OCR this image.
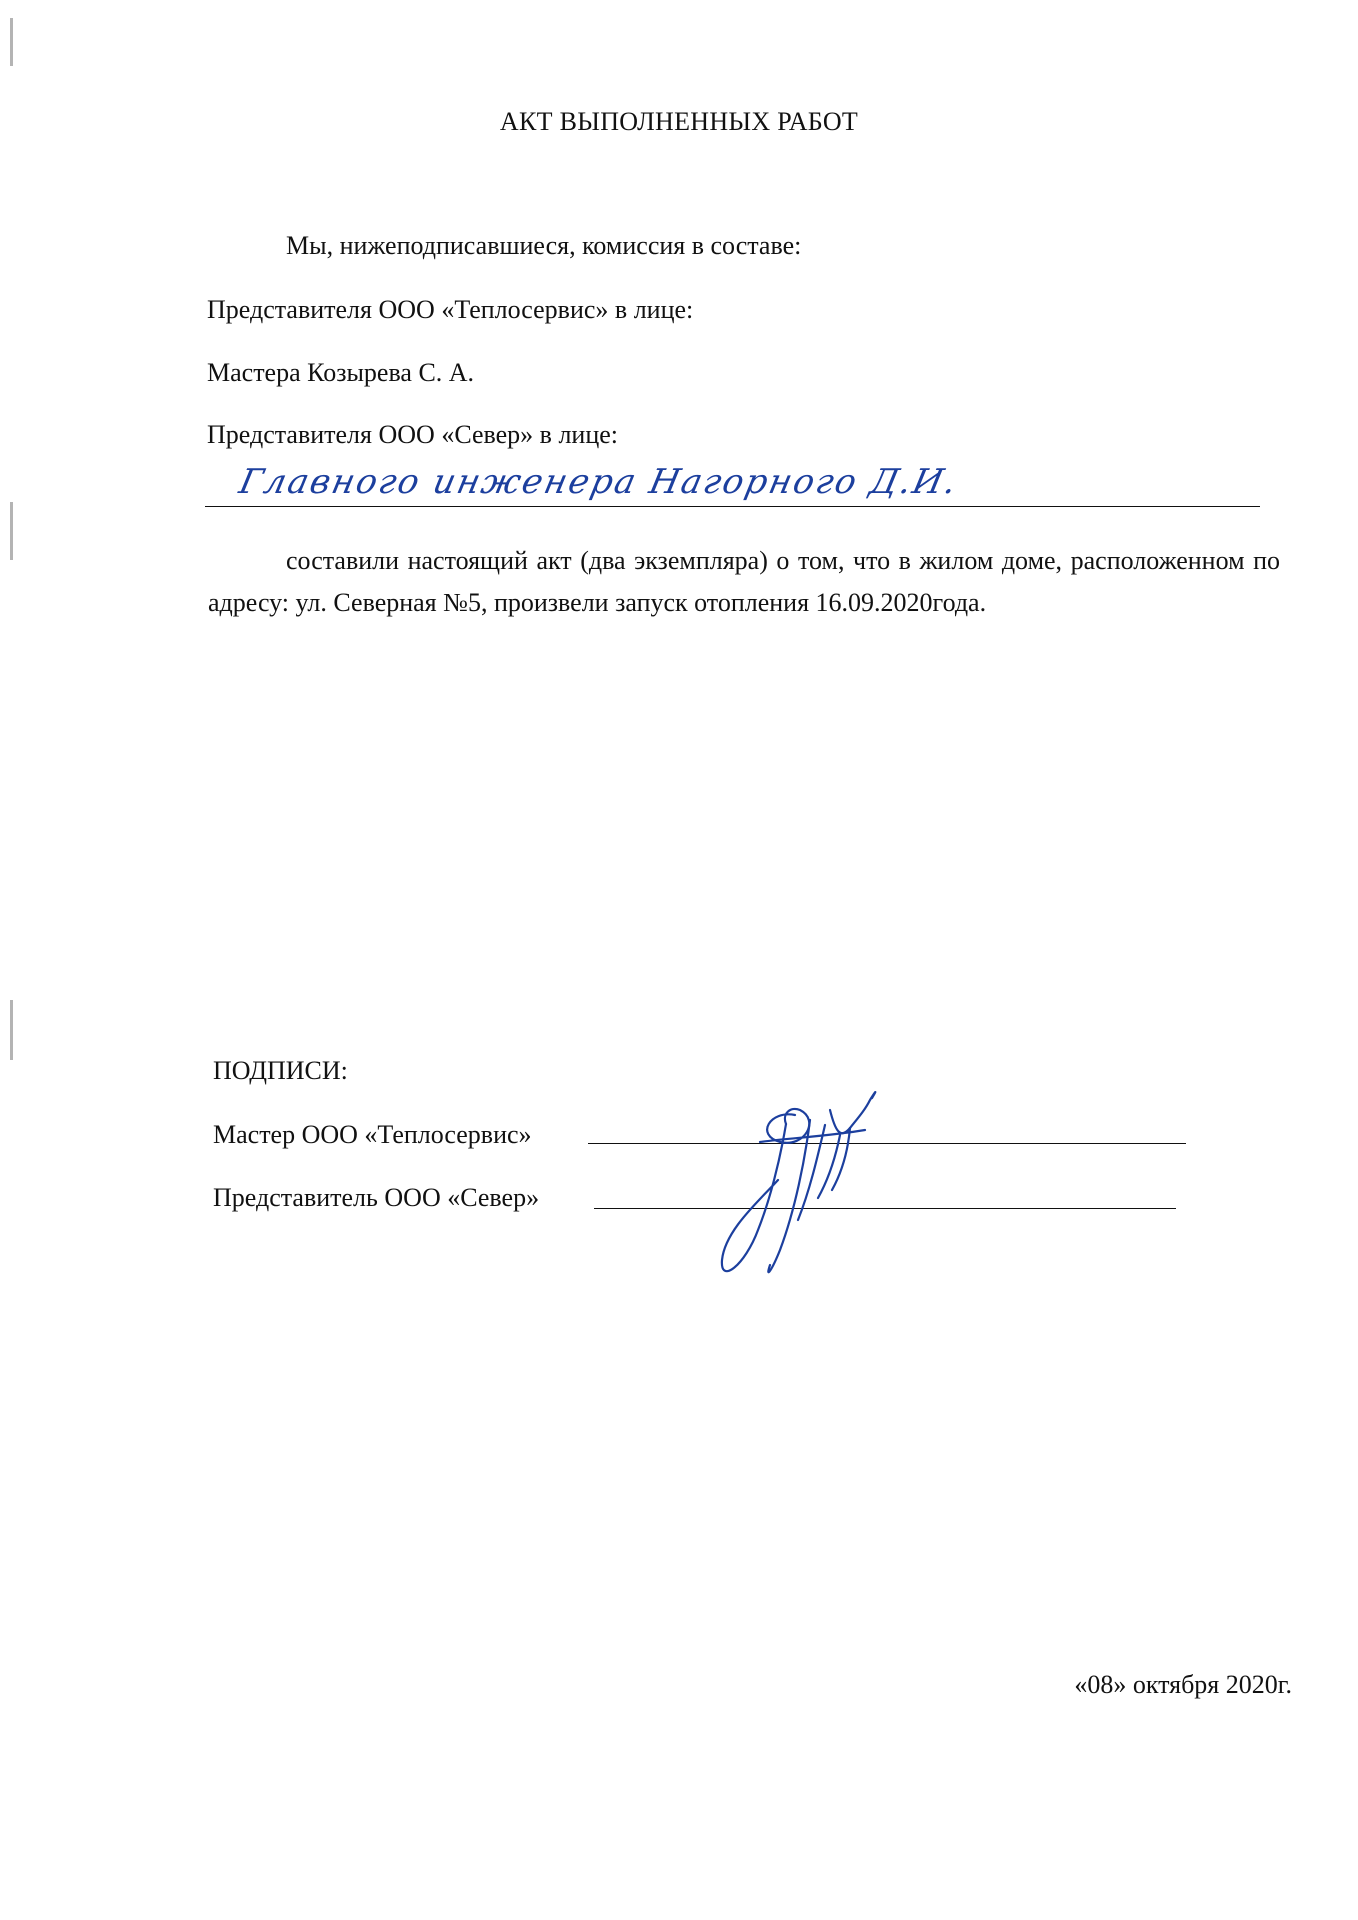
АКТ ВЫПОЛНЕННЫХ РАБОТ
Мы, нижеподписавшиеся, комиссия в составе:
Представителя ООО «Теплосервис» в лице:
Мастера Козырева С. А.
Представителя ООО «Север» в лице:
Главного инженера Нагорного Д.И.
составили настоящий акт (два экземпляра) о том, что в жилом доме, расположенном по адресу: ул. Северная №5, произвели запуск отопления 16.09.2020года.
ПОДПИСИ:
Мастер ООО «Теплосервис»
Представитель ООО «Север»
«08» октября 2020г.
